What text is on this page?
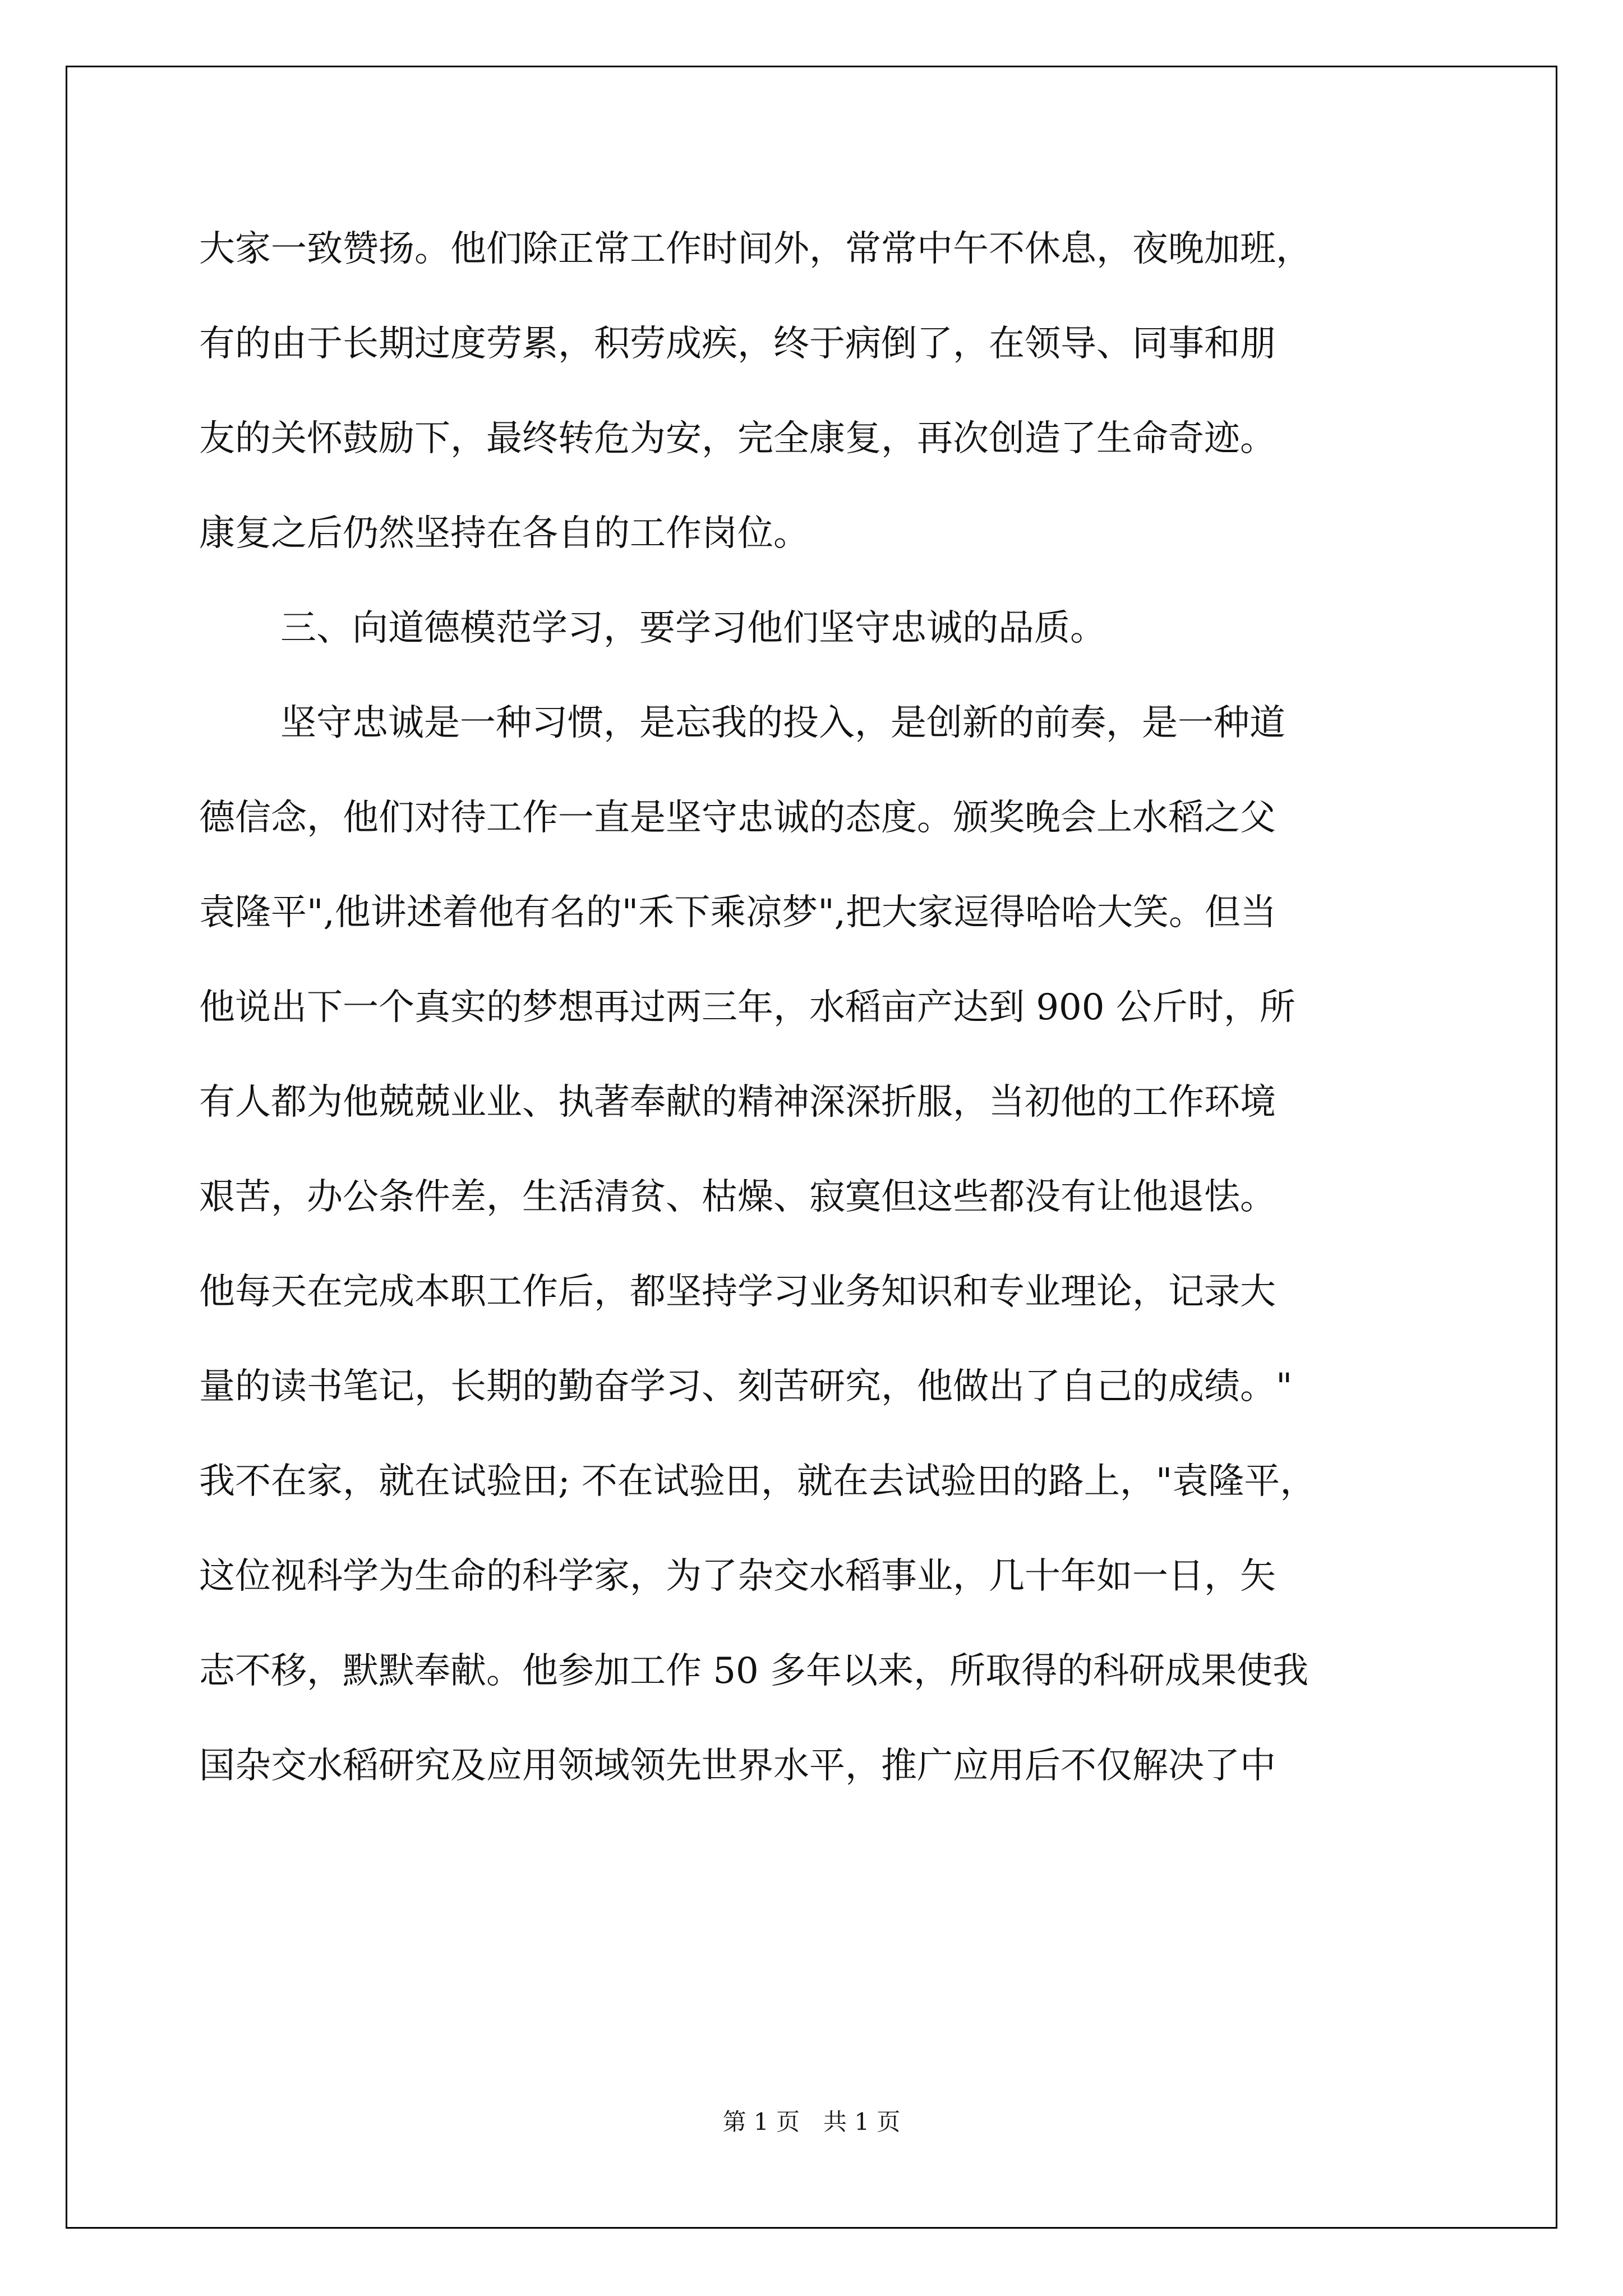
大家一致赞扬。他们除正常工作时间外，常常中午不休息，夜晚加班，
有的由于长期过度劳累，积劳成疾，终于病倒了，在领导、同事和朋
友的关怀鼓励下，最终转危为安，完全康复，再次创造了生命奇迹。
康复之后仍然坚持在各自的工作岗位。
三、向道德模范学习，要学习他们坚守忠诚的品质。
坚守忠诚是一种习惯，是忘我的投入，是创新的前奏，是一种道
德信念，他们对待工作一直是坚守忠诚的态度。颁奖晚会上水稻之父
袁隆平",他讲述着他有名的"禾下乘凉梦",把大家逗得哈哈大笑。但当
他说出下一个真实的梦想再过两三年，水稻亩产达到 900 公斤时，所
有人都为他兢兢业业、执著奉献的精神深深折服，当初他的工作环境
艰苦，办公条件差，生活清贫、枯燥、寂寞但这些都没有让他退怯。
他每天在完成本职工作后，都坚持学习业务知识和专业理论，记录大
量的读书笔记，长期的勤奋学习、刻苦研究，他做出了自己的成绩。"
我不在家，就在试验田; 不在试验田，就在去试验田的路上，"袁隆平，
这位视科学为生命的科学家，为了杂交水稻事业，几十年如一日，矢
志不移，默默奉献。他参加工作 50 多年以来，所取得的科研成果使我
国杂交水稻研究及应用领域领先世界水平，推广应用后不仅解决了中
第 1 页　共 1 页
